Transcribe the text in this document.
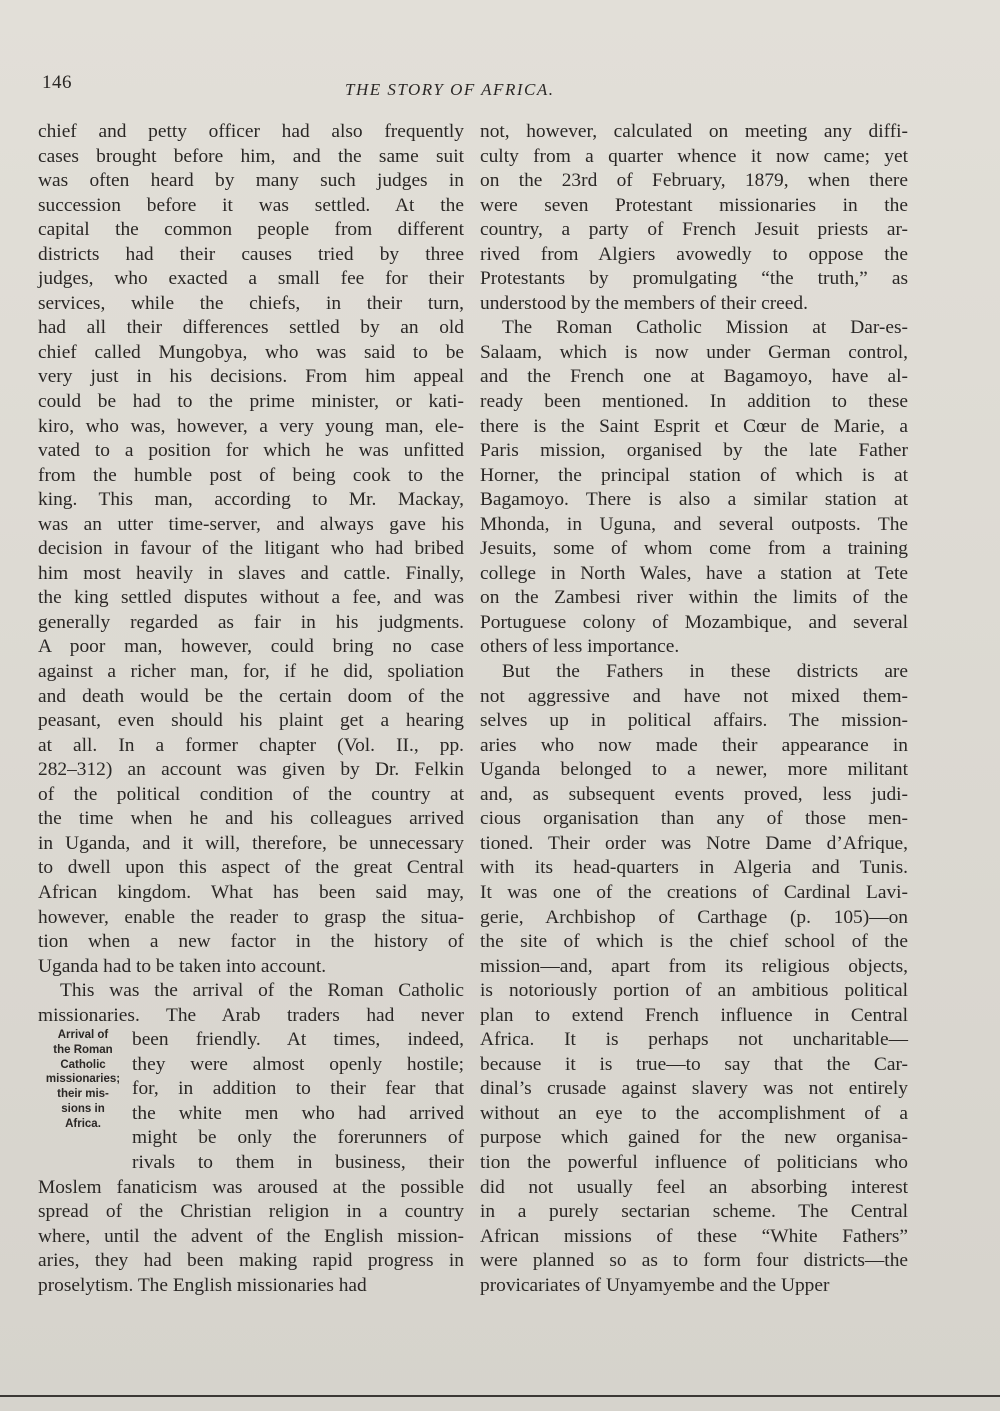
146	THE STORY OF AFRICA.
chief and petty officer had also frequently
cases brought before him, and the same suit
was often heard by many such judges in
succession before it was settled. At the
capital the common people from different
districts had their causes tried by three
judges, who exacted a small fee for their
services, while the chiefs, in their turn,
had all their differences settled by an old
chief called Mungobya, who was said to be
very just in his decisions. From him appeal
could be had to the prime minister, or kati-
kiro, who was, however, a very young man, ele-
vated to a position for which he was unfitted
from the humble post of being cook to the
king. This man, according to Mr. Mackay,
was an utter time-server, and always gave his
decision in favour of the litigant who had bribed
him most heavily in slaves and cattle. Finally,
the king settled disputes without a fee, and was
generally regarded as fair in his judgments.
A poor man, however, could bring no case
against a richer man, for, if he did, spoliation
and death would be the certain doom of the
peasant, even should his plaint get a hearing
at all. In a former chapter (Vol. II., pp.
282–312) an account was given by Dr. Felkin
of the political condition of the country at
the time when he and his colleagues arrived
in Uganda, and it will, therefore, be unnecessary
to dwell upon this aspect of the great Central
African kingdom. What has been said may,
however, enable the reader to grasp the situa-
tion when a new factor in the history of
Uganda had to be taken into account.
This was the arrival of the Roman Catholic
missionaries. The Arab traders had never
been friendly. At times, indeed,
they were almost openly hostile;
for, in addition to their fear that
the white men who had arrived
might be only the forerunners of
rivals to them in business, their
Moslem fanaticism was aroused at the possible
spread of the Christian religion in a country
where, until the advent of the English mission-
aries, they had been making rapid progress in
proselytism. The English missionaries had
not, however, calculated on meeting any diffi-
culty from a quarter whence it now came; yet
on the 23rd of February, 1879, when there
were seven Protestant missionaries in the
country, a party of French Jesuit priests ar-
rived from Algiers avowedly to oppose the
Protestants by promulgating “the truth,” as
understood by the members of their creed.
The Roman Catholic Mission at Dar-es-
Salaam, which is now under German control,
and the French one at Bagamoyo, have al-
ready been mentioned. In addition to these
there is the Saint Esprit et Cœur de Marie, a
Paris mission, organised by the late Father
Horner, the principal station of which is at
Bagamoyo. There is also a similar station at
Mhonda, in Uguna, and several outposts. The
Jesuits, some of whom come from a training
college in North Wales, have a station at Tete
on the Zambesi river within the limits of the
Portuguese colony of Mozambique, and several
others of less importance.
But the Fathers in these districts are
not aggressive and have not mixed them-
selves up in political affairs. The mission-
aries who now made their appearance in
Uganda belonged to a newer, more militant
and, as subsequent events proved, less judi-
cious organisation than any of those men-
tioned. Their order was Notre Dame d’Afrique,
with its head-quarters in Algeria and Tunis.
It was one of the creations of Cardinal Lavi-
gerie, Archbishop of Carthage (p. 105)—on
the site of which is the chief school of the
mission—and, apart from its religious objects,
is notoriously portion of an ambitious political
plan to extend French influence in Central
Africa. It is perhaps not uncharitable—
because it is true—to say that the Car-
dinal’s crusade against slavery was not entirely
without an eye to the accomplishment of a
purpose which gained for the new organisa-
tion the powerful influence of politicians who
did not usually feel an absorbing interest
in a purely sectarian scheme. The Central
African missions of these “White Fathers”
were planned so as to form four districts—the
provicariates of Unyamyembe and the Upper
Arrival of
the Roman
Catholic
missionaries;
their mis-
sions in
Africa.
